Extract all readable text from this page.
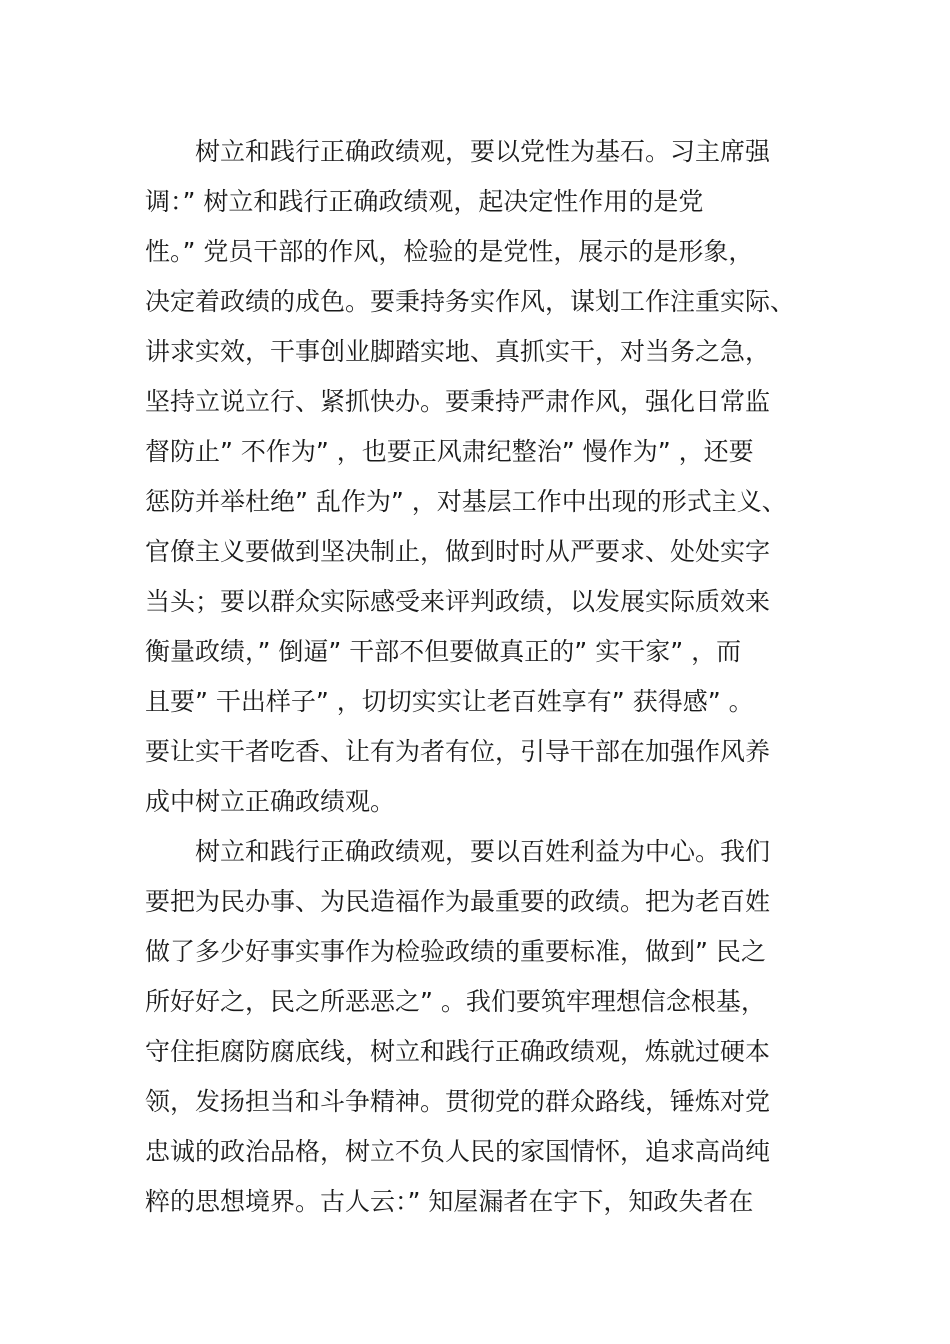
树立和践行正确政绩观，要以党性为基石。习主席强
调：” 树立和践行正确政绩观，起决定性作用的是党
性。” 党员干部的作风，检验的是党性，展示的是形象，
决定着政绩的成色。要秉持务实作风，谋划工作注重实际、
讲求实效，干事创业脚踏实地、真抓实干，对当务之急，
坚持立说立行、紧抓快办。要秉持严肃作风，强化日常监
督防止” 不作为” ，也要正风肃纪整治” 慢作为” ，还要
惩防并举杜绝” 乱作为” ，对基层工作中出现的形式主义、
官僚主义要做到坚决制止，做到时时从严要求、处处实字
当头；要以群众实际感受来评判政绩，以发展实际质效来
衡量政绩，” 倒逼” 干部不但要做真正的” 实干家” ，而
且要” 干出样子” ，切切实实让老百姓享有” 获得感” 。
要让实干者吃香、让有为者有位，引导干部在加强作风养
成中树立正确政绩观。
树立和践行正确政绩观，要以百姓利益为中心。我们
要把为民办事、为民造福作为最重要的政绩。把为老百姓
做了多少好事实事作为检验政绩的重要标准，做到” 民之
所好好之，民之所恶恶之” 。我们要筑牢理想信念根基，
守住拒腐防腐底线，树立和践行正确政绩观，炼就过硬本
领，发扬担当和斗争精神。贯彻党的群众路线，锤炼对党
忠诚的政治品格，树立不负人民的家国情怀，追求高尚纯
粹的思想境界。古人云：” 知屋漏者在宇下，知政失者在
